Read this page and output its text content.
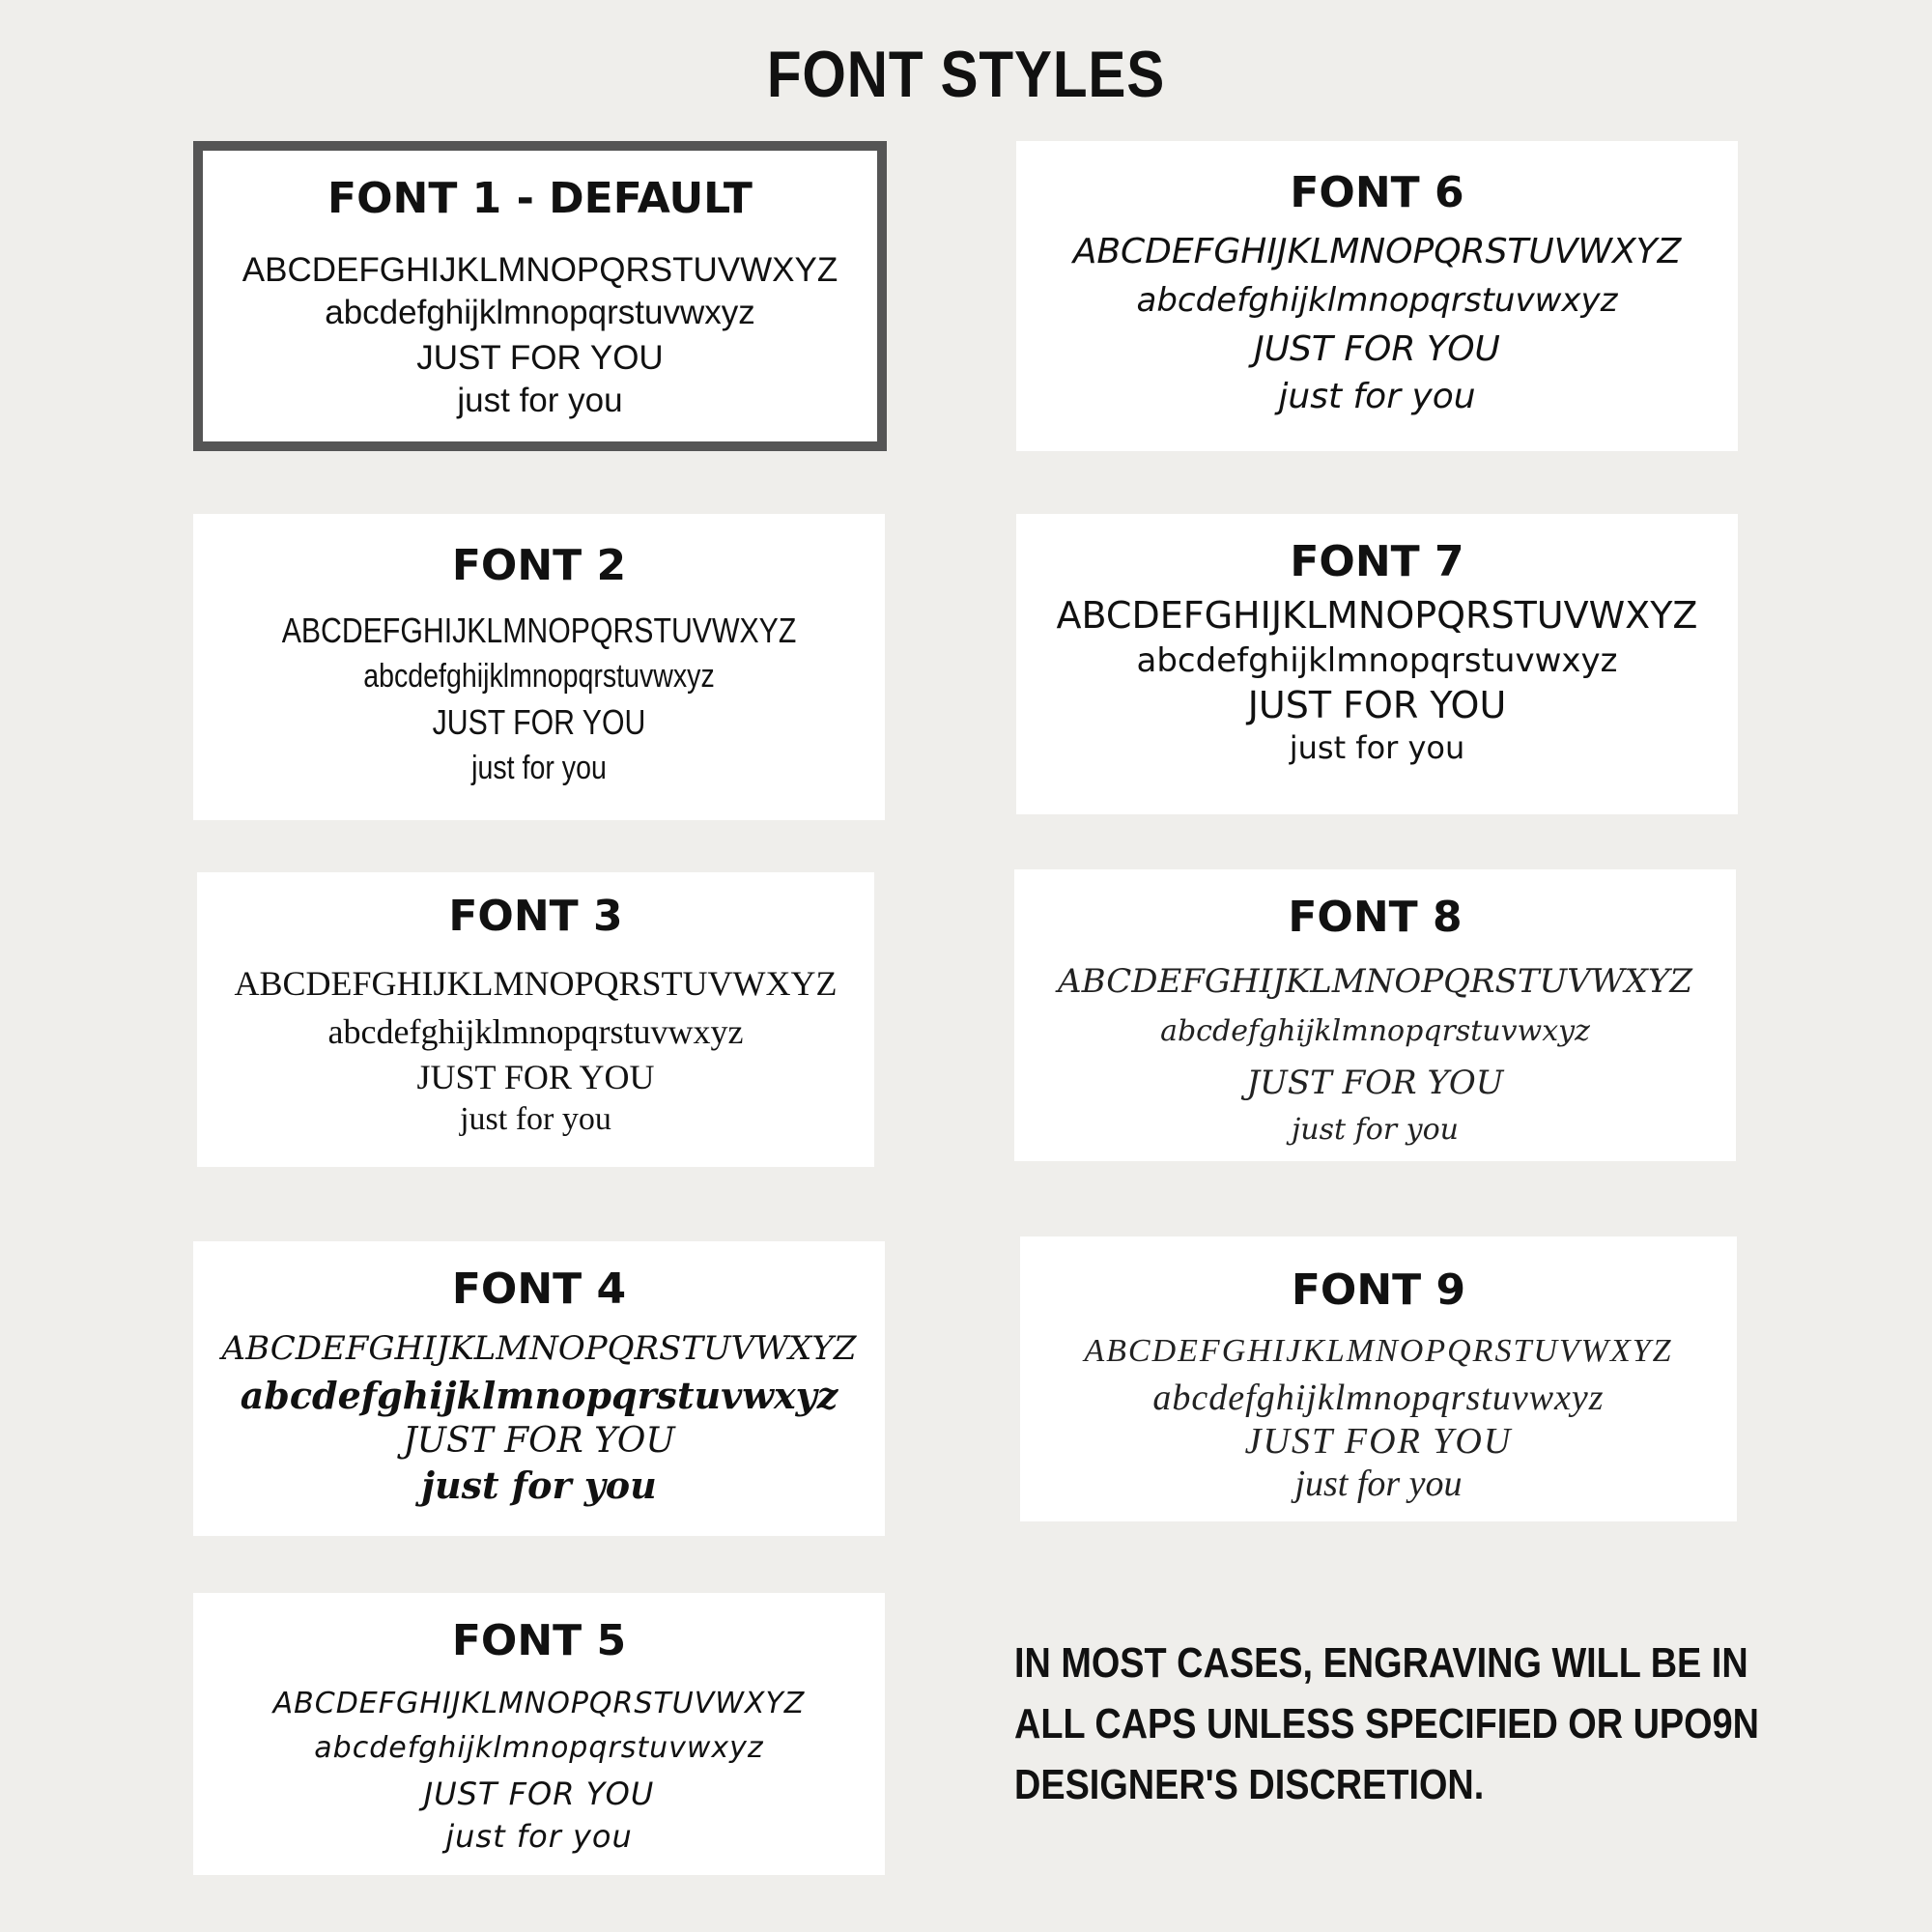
FONT STYLES
FONT 1 - DEFAULT
ABCDEFGHIJKLMNOPQRSTUVWXYZ
abcdefghijklmnopqrstuvwxyz
JUST FOR YOU
just for you
FONT 2
ABCDEFGHIJKLMNOPQRSTUVWXYZ
abcdefghijklmnopqrstuvwxyz
JUST FOR YOU
just for you
FONT 3
ABCDEFGHIJKLMNOPQRSTUVWXYZ
abcdefghijklmnopqrstuvwxyz
JUST FOR YOU
just for you
FONT 4
ABCDEFGHIJKLMNOPQRSTUVWXYZ
abcdefghijklmnopqrstuvwxyz
JUST FOR YOU
just for you
FONT 5
ABCDEFGHIJKLMNOPQRSTUVWXYZ
abcdefghijklmnopqrstuvwxyz
JUST FOR YOU
just for you
FONT 6
ABCDEFGHIJKLMNOPQRSTUVWXYZ
abcdefghijklmnopqrstuvwxyz
JUST FOR YOU
just for you
FONT 7
ABCDEFGHIJKLMNOPQRSTUVWXYZ
abcdefghijklmnopqrstuvwxyz
JUST FOR YOU
just for you
FONT 8
ABCDEFGHIJKLMNOPQRSTUVWXYZ
abcdefghijklmnopqrstuvwxyz
JUST FOR YOU
just for you
FONT 9
ABCDEFGHIJKLMNOPQRSTUVWXYZ
abcdefghijklmnopqrstuvwxyz
JUST FOR YOU
just for you
IN MOST CASES, ENGRAVING WILL BE IN
ALL CAPS UNLESS SPECIFIED OR UPO9N
DESIGNER'S DISCRETION.
